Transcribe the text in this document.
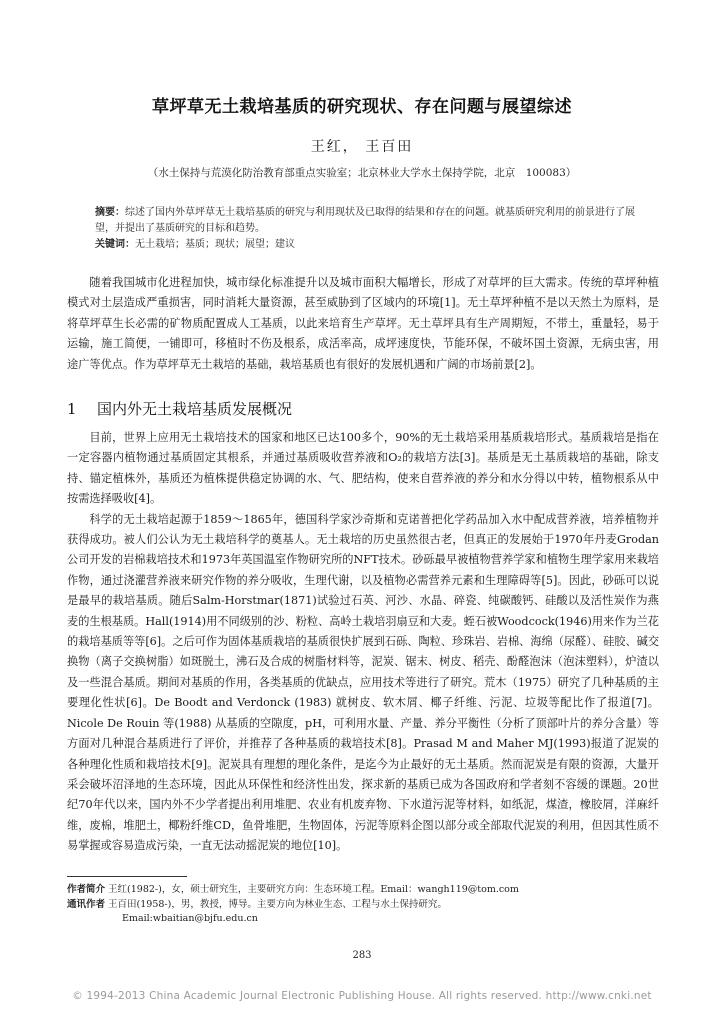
草坪草无土栽培基质的研究现状、存在问题与展望综述
王红， 王百田
（水土保持与荒漠化防治教育部重点实验室；北京林业大学水土保持学院，北京　100083）
摘要：综述了国内外草坪草无土栽培基质的研究与利用现状及已取得的结果和存在的问题。就基质研究利用的前景进行了展望，并提出了基质研究的目标和趋势。
关键词：无土栽培；基质；现状；展望；建议

随着我国城市化进程加快，城市绿化标准提升以及城市面积大幅增长，形成了对草坪的巨大需求。传统的草坪种植模式对土层造成严重损害，同时消耗大量资源，甚至威胁到了区域内的环境[1]。无土草坪种植不是以天然土为原料，是将草坪草生长必需的矿物质配置成人工基质，以此来培育生产草坪。无土草坪具有生产周期短，不带土，重量轻，易于运输，施工简便，一铺即可，移植时不伤及根系，成活率高，成坪速度快，节能环保，不破坏国土资源，无病虫害，用途广等优点。作为草坪草无土栽培的基础，栽培基质也有很好的发展机遇和广阔的市场前景[2]。

1 国内外无土栽培基质发展概况

目前，世界上应用无土栽培技术的国家和地区已达100多个，90%的无土栽培采用基质栽培形式。基质栽培是指在一定容器内植物通过基质固定其根系，并通过基质吸收营养液和O₂的栽培方法[3]。基质是无土基质栽培的基础，除支持、锚定植株外，基质还为植株提供稳定协调的水、气、肥结构，使来自营养液的养分和水分得以中转，植物根系从中按需选择吸收[4]。

科学的无土栽培起源于1859～1865年，德国科学家沙奇斯和克诺普把化学药品加入水中配成营养液，培养植物并获得成功。被人们公认为无土栽培科学的奠基人。无土栽培的历史虽然很古老，但真正的发展始于1970年丹麦Grodan公司开发的岩棉栽培技术和1973年英国温室作物研究所的NFT技术。砂砾最早被植物营养学家和植物生理学家用来栽培作物，通过浇灌营养液来研究作物的养分吸收，生理代谢，以及植物必需营养元素和生理障碍等[5]。因此，砂砾可以说是最早的栽培基质。随后Salm-Horstmar(1871)试验过石英、河沙、水晶、碎瓷、纯碳酸钙、硅酸以及活性炭作为燕麦的生根基质。Hall(1914)用不同级别的沙、粉粒、高岭土栽培羽扇豆和大麦。蛭石被Woodcock(1946)用来作为兰花的栽培基质等等[6]。之后可作为固体基质栽培的基质很快扩展到石砾、陶粒、珍珠岩、岩棉、海绵（尿醛）、硅胶、碱交换物（离子交换树脂）如斑脱土，沸石及合成的树脂材料等，泥炭、锯末、树皮、稻壳、酚醛泡沫（泡沫塑料），炉渣以及一些混合基质。期间对基质的作用，各类基质的优缺点，应用技术等进行了研究。荒木（1975）研究了几种基质的主要理化性状[6]。De Boodt and Verdonck (1983) 就树皮、软木屑、椰子纤维、污泥、垃圾等配比作了报道[7]。Nicole De Rouin 等(1988) 从基质的空隙度，pH，可利用水量、产量、养分平衡性（分析了顶部叶片的养分含量）等方面对几种混合基质进行了评价，并推荐了各种基质的栽培技术[8]。Prasad M and Maher MJ(1993)报道了泥炭的各种理化性质和栽培技术[9]。泥炭具有理想的理化条件，是迄今为止最好的无土基质。然而泥炭是有限的资源，大量开采会破坏沼泽地的生态环境，因此从环保性和经济性出发，探求新的基质已成为各国政府和学者刻不容缓的课题。20世纪70年代以来，国内外不少学者提出利用堆肥、农业有机废弃物、下水道污泥等材料，如纸泥，煤渣，橡胶屑，洋麻纤维，废棉，堆肥土，椰粉纤维CD，鱼骨堆肥，生物固体，污泥等原料企图以部分或全部取代泥炭的利用，但因其性质不易掌握或容易造成污染，一直无法动摇泥炭的地位[10]。

作者简介 王红(1982-)，女，硕士研究生，主要研究方向：生态环境工程。Email：wangh119@tom.com
通讯作者 王百田(1958-)，男，教授，博导。主要方向为林业生态、工程与水土保持研究。
Email:wbaitian@bjfu.edu.cn
283
© 1994-2013 China Academic Journal Electronic Publishing House. All rights reserved. http://www.cnki.net
